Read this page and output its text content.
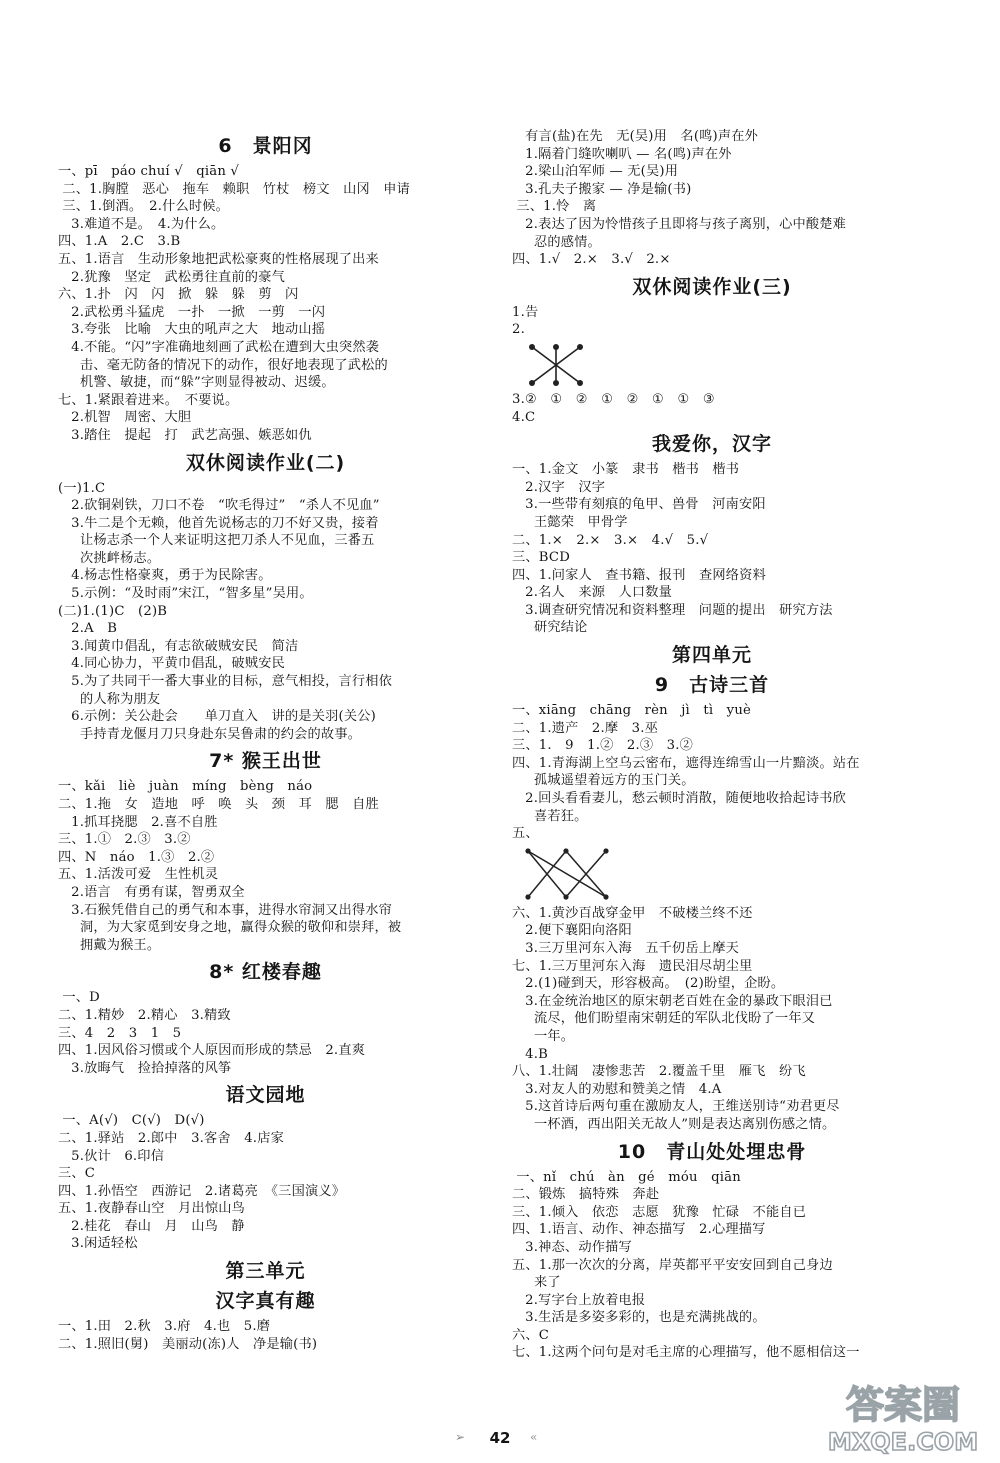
6　景阳冈
一、pī　páo chuí √　qiān √
二、1.胸膛　恶心　拖车　赖职　竹杖　榜文　山冈　申请
三、1.倒酒。　2.什么时候。
3.难道不是。　4.为什么。
四、1.A　2.C　3.B
五、1.语言　生动形象地把武松豪爽的性格展现了出来
2.犹豫　坚定　武松勇往直前的豪气
六、1.扑　闪　闪　掀　躲　躲　剪　闪
2.武松勇斗猛虎　一扑　一掀　一剪　一闪
3.夸张　比喻　大虫的吼声之大　地动山摇
4.不能。“闪”字准确地刻画了武松在遭到大虫突然袭
击、毫无防备的情况下的动作，很好地表现了武松的
机警、敏捷，而“躲”字则显得被动、迟缓。
七、1.紧跟着进来。　不要说。
2.机智　周密、大胆
3.踏住　提起　打　武艺高强、嫉恶如仇
双休阅读作业(二)
(一)1.C
2.砍铜剁铁，刀口不卷　“吹毛得过”　“杀人不见血”
3.牛二是个无赖，他首先说杨志的刀不好又贵，接着
让杨志杀一个人来证明这把刀杀人不见血，三番五
次挑衅杨志。
4.杨志性格豪爽，勇于为民除害。
5.示例：“及时雨”宋江，“智多星”吴用。
(二)1.(1)C　(2)B
2.A　B
3.闻黄巾倡乱，有志欲破贼安民　简洁
4.同心协力，平黄巾倡乱，破贼安民
5.为了共同干一番大事业的目标，意气相投，言行相依
的人称为朋友
6.示例：关公赴会　　单刀直入　讲的是关羽(关公)
手持青龙偃月刀只身赴东吴鲁肃的约会的故事。
7* 猴王出世
一、kǎi　liè　juàn　míng　bèng　náo
二、1.拖　女　造地　呼　唤　头　颈　耳　腮　自胜
1.抓耳挠腮　2.喜不自胜
三、1.①　2.③　3.②
四、N　náo　1.③　2.②
五、1.活泼可爱　生性机灵
2.语言　有勇有谋，智勇双全
3.石猴凭借自己的勇气和本事，进得水帘洞又出得水帘
洞，为大家觅到安身之地，赢得众猴的敬仰和崇拜，被
拥戴为猴王。
8* 红楼春趣
一、D
二、1.精妙　2.精心　3.精致
三、4　2　3　1　5
四、1.因风俗习惯或个人原因而形成的禁忌　2.直爽
3.放晦气　捡拾掉落的风筝
语文园地
一、A(√)　C(√)　D(√)
二、1.驿站　2.郎中　3.客舍　4.店家
5.伙计　6.印信
三、C
四、1.孙悟空　西游记　2.诸葛亮　《三国演义》
五、1.夜静春山空　月出惊山鸟
2.桂花　春山　月　山鸟　静
3.闲适轻松
第三单元
汉字真有趣
一、1.田　2.秋　3.府　4.也　5.磨
二、1.照旧(舅)　美丽动(冻)人　净是输(书)
有言(盐)在先　无(吴)用　名(鸣)声在外
1.隔着门缝吹喇叭 — 名(鸣)声在外
2.梁山泊军师 — 无(吴)用
3.孔夫子搬家 — 净是输(书)
三、1.怜　离
2.表达了因为怜惜孩子且即将与孩子离别，心中酸楚难
忍的感情。
四、1.√　2.×　3.√　2.×
双休阅读作业(三)
1.告
2.
3.②　①　②　①　②　①　①　③
4.C
我爱你，汉字
一、1.金文　小篆　隶书　楷书　楷书
2.汉字　汉字
3.一些带有刻痕的龟甲、兽骨　河南安阳
王懿荣　甲骨学
二、1.×　2.×　3.×　4.√　5.√
三、BCD
四、1.问家人　查书籍、报刊　查网络资料
2.名人　来源　人口数量
3.调查研究情况和资料整理　问题的提出　研究方法
研究结论
第四单元
9　古诗三首
一、xiāng　chāng　rèn　jì　tì　yuè
二、1.遗产　2.摩　3.巫
三、1.　9　1.②　2.③　3.②
四、1.青海湖上空乌云密布，遮得连绵雪山一片黯淡。站在
孤城遥望着远方的玉门关。
2.回头看看妻儿，愁云顿时消散，随便地收拾起诗书欣
喜若狂。
五、
六、1.黄沙百战穿金甲　不破楼兰终不还
2.便下襄阳向洛阳
3.三万里河东入海　五千仞岳上摩天
七、1.三万里河东入海　遗民泪尽胡尘里
2.(1)碰到天，形容极高。　(2)盼望，企盼。
3.在金统治地区的原宋朝老百姓在金的暴政下眼泪已
流尽，他们盼望南宋朝廷的军队北伐盼了一年又
一年。
4.B
八、1.壮阔　凄惨悲苦　2.覆盖千里　雁飞　纷飞
3.对友人的劝慰和赞美之情　4.A
5.这首诗后两句重在激励友人，王维送别诗“劝君更尽
一杯酒，西出阳关无故人”则是表达离别伤感之情。
10　青山处处埋忠骨
一、nǐ　chú　àn　gé　móu　qiān
二、锻炼　搞特殊　奔赴
三、1.倾入　依恋　志愿　犹豫　忙碌　不能自已
四、1.语言、动作、神态描写　2.心理描写
3.神态、动作描写
五、1.那一次次的分离，岸英都平平安安回到自己身边
来了
2.写字台上放着电报
3.生活是多姿多彩的，也是充满挑战的。
六、C
七、1.这两个问句是对毛主席的心理描写，他不愿相信这一
➢	42	«
答案圈
MXQE.COM
